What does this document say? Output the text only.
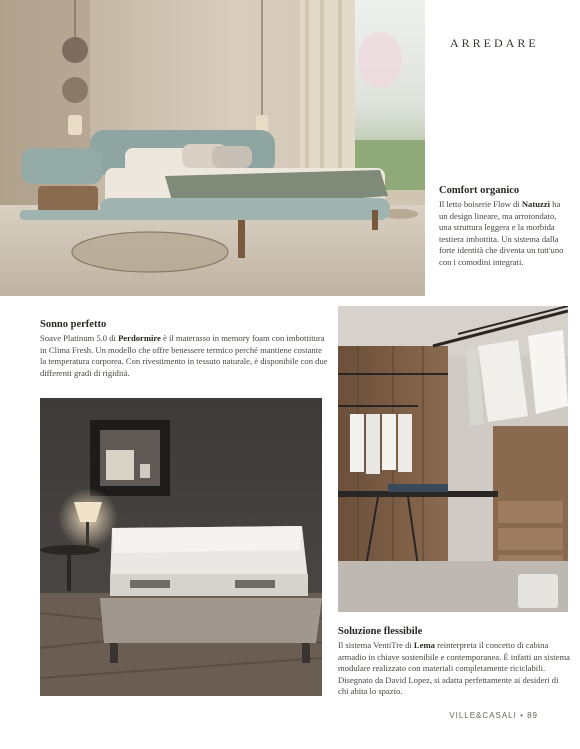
ARREDARE
Comfort organico

Il letto boiserie Flow di Natuzzi ha un design lineare, ma arrotondato, una struttura leggera e la morbida testiera imbottita. Un sistema dalla forte identità che diventa un tutt'uno con i comodini integrati.

Sonno perfetto

Soave Platinum 5.0 di Perdormire è il materasso in memory foam con imbottitura in Clima Fresh. Un modello che offre benessere termico perché mantiene costante la temperatura corporea. Con rivestimento in tessuto naturale, è disponibile con due differenti gradi di rigidità.

Soluzione flessibile

Il sistema VentiTre di Lema reinterpreta il concetto di cabina armadio in chiave sostenibile e contemporanea. È infatti un sistema modulare realizzato con materiali completamente riciclabili. Disegnato da David Lopez, si adatta perfettamente ai desideri di chi abita lo spazio.

VILLE&CASALI • 89
